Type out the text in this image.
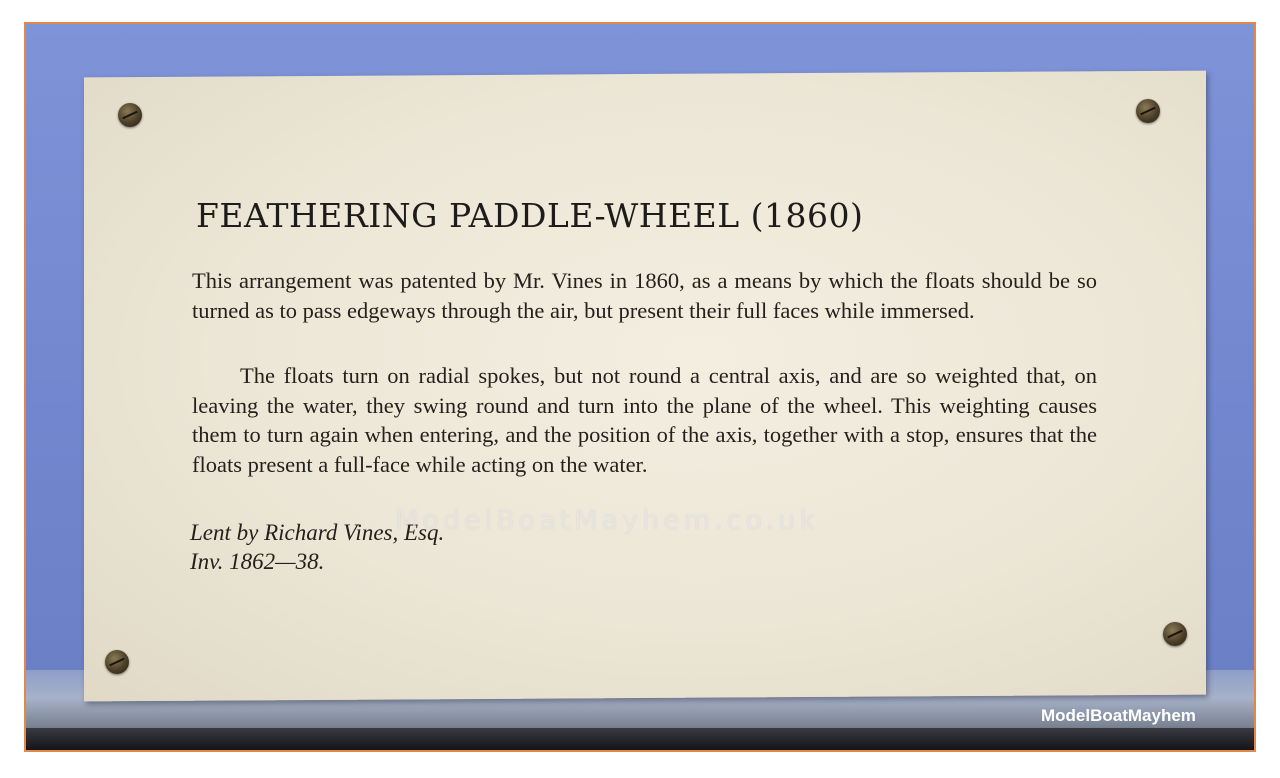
FEATHERING PADDLE-WHEEL (1860)
This arrangement was patented by Mr. Vines in 1860, as a means by which the floats should be so turned as to pass edgeways through the air, but present their full faces while immersed.
The floats turn on radial spokes, but not round a central axis, and are so weighted that, on leaving the water, they swing round and turn into the plane of the wheel. This weighting causes them to turn again when entering, and the position of the axis, together with a stop, ensures that the floats present a full-face while acting on the water.
Lent by Richard Vines, Esq.
Inv. 1862—38.
ModelBoatMayhem.co.uk
ModelBoatMayhem
